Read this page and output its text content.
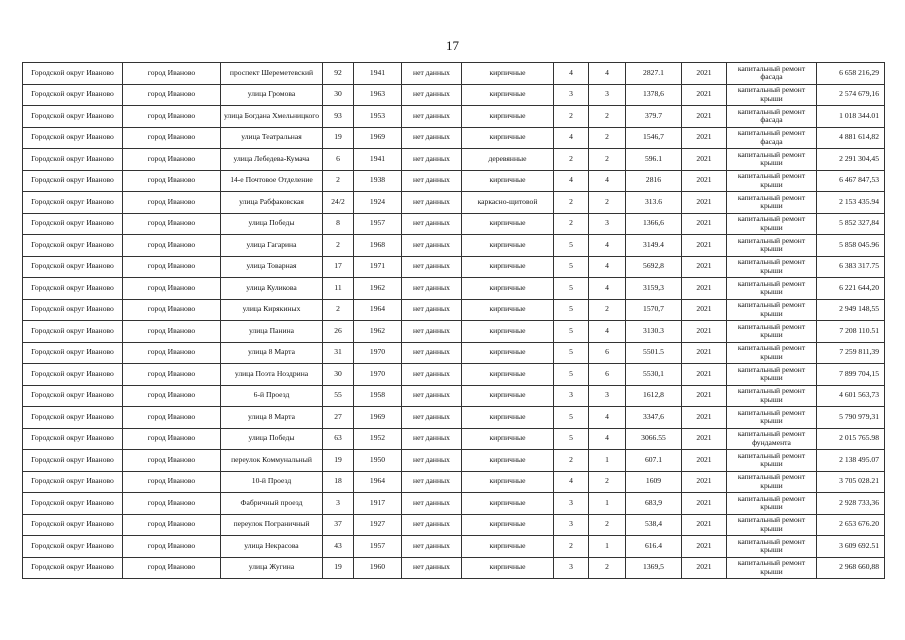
17
Городской округ Иваново	город Иваново	проспект Шереметевский	92	1941	нет данных	кирпичные	4	4	2827.1	2021	капитальный ремонт фасада	6 658 216,29
Городской округ Иваново	город Иваново	улица Громова	30	1963	нет данных	кирпичные	3	3	1378,6	2021	капитальный ремонт крыши	2 574 679,16
Городской округ Иваново	город Иваново	улица Богдана Хмельницкого	93	1953	нет данных	кирпичные	2	2	379.7	2021	капитальный ремонт фасада	1 018 344.01
Городской округ Иваново	город Иваново	улица Театральная	19	1969	нет данных	кирпичные	4	2	1546,7	2021	капитальный ремонт фасада	4 881 614,82
Городской округ Иваново	город Иваново	улица Лебедева-Кумача	6	1941	нет данных	деревянные	2	2	596.1	2021	капитальный ремонт крыши	2 291 304,45
Городской округ Иваново	город Иваново	14-е Почтовое Отделение	2	1938	нет данных	кирпичные	4	4	2816	2021	капитальный ремонт крыши	6 467 847,53
Городской округ Иваново	город Иваново	улица Рабфаковская	24/2	1924	нет данных	каркасно-щитовой	2	2	313.6	2021	капитальный ремонт крыши	2 153 435.94
Городской округ Иваново	город Иваново	улица Победы	8	1957	нет данных	кирпичные	2	3	1366,6	2021	капитальный ремонт крыши	5 852 327,84
Городской округ Иваново	город Иваново	улица Гагарина	2	1968	нет данных	кирпичные	5	4	3149.4	2021	капитальный ремонт крыши	5 858 045.96
Городской округ Иваново	город Иваново	улица Товарная	17	1971	нет данных	кирпичные	5	4	5692,8	2021	капитальный ремонт крыши	6 383 317.75
Городской округ Иваново	город Иваново	улица Куликова	11	1962	нет данных	кирпичные	5	4	3159,3	2021	капитальный ремонт крыши	6 221 644,20
Городской округ Иваново	город Иваново	улица Кирякиных	2	1964	нет данных	кирпичные	5	2	1570,7	2021	капитальный ремонт крыши	2 949 148,55
Городской округ Иваново	город Иваново	улица Панина	26	1962	нет данных	кирпичные	5	4	3130.3	2021	капитальный ремонт крыши	7 208 110.51
Городской округ Иваново	город Иваново	улица 8 Марта	31	1970	нет данных	кирпичные	5	6	5501.5	2021	капитальный ремонт крыши	7 259 811,39
Городской округ Иваново	город Иваново	улица Поэта Ноздрина	30	1970	нет данных	кирпичные	5	6	5530,1	2021	капитальный ремонт крыши	7 899 704,15
Городской округ Иваново	город Иваново	6-й Проезд	55	1958	нет данных	кирпичные	3	3	1612,8	2021	капитальный ремонт крыши	4 601 563,73
Городской округ Иваново	город Иваново	улица 8 Марта	27	1969	нет данных	кирпичные	5	4	3347,6	2021	капитальный ремонт крыши	5 790 979,31
Городской округ Иваново	город Иваново	улица Победы	63	1952	нет данных	кирпичные	5	4	3066.55	2021	капитальный ремонт фундамента	2 015 765.98
Городской округ Иваново	город Иваново	переулок Коммунальный	19	1950	нет данных	кирпичные	2	1	607.1	2021	капитальный ремонт крыши	2 138 495.07
Городской округ Иваново	город Иваново	10-й Проезд	18	1964	нет данных	кирпичные	4	2	1609	2021	капитальный ремонт крыши	3 705 028.21
Городской округ Иваново	город Иваново	Фабричный проезд	3	1917	нет данных	кирпичные	3	1	683,9	2021	капитальный ремонт крыши	2 928 733,36
Городской округ Иваново	город Иваново	переулок Пограничный	37	1927	нет данных	кирпичные	3	2	538,4	2021	капитальный ремонт крыши	2 653 676.20
Городской округ Иваново	город Иваново	улица Некрасова	43	1957	нет данных	кирпичные	2	1	616.4	2021	капитальный ремонт крыши	3 609 692.51
Городской округ Иваново	город Иваново	улица Жугина	19	1960	нет данных	кирпичные	3	2	1369,5	2021	капитальный ремонт крыши	2 968 660,88
